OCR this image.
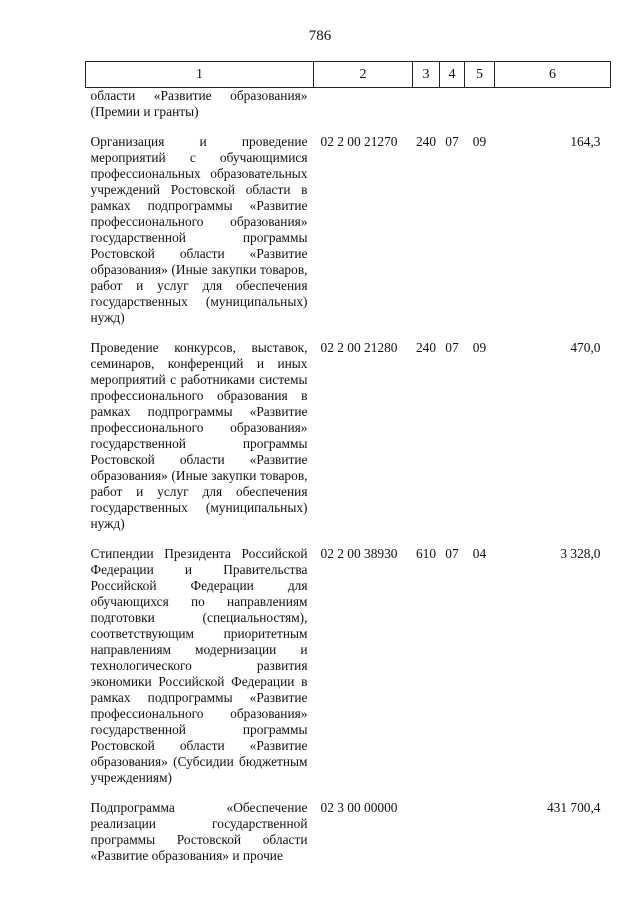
786
1	2	3	4	5	6
области «Развитие образования» (Премии и гранты)					

Организация и проведение мероприятий с обучающимися профессиональных образовательных учреждений Ростовской области в рамках подпрограммы «Развитие профессионального образования» государственной программы Ростовской области «Развитие образования» (Иные закупки товаров, работ и услуг для обеспечения государственных (муниципальных) нужд)	02 2 00 21270	240	07	09	164,3

Проведение конкурсов, выставок, семинаров, конференций и иных мероприятий с работниками системы профессионального образования в рамках подпрограммы «Развитие профессионального образования» государственной программы Ростовской области «Развитие образования» (Иные закупки товаров, работ и услуг для обеспечения государственных (муниципальных) нужд)	02 2 00 21280	240	07	09	470,0

Стипендии Президента Российской Федерации и Правительства Российской Федерации для обучающихся по направлениям подготовки (специальностям), соответствующим приоритетным направлениям модернизации и технологического развития экономики Российской Федерации в рамках подпрограммы «Развитие профессионального образования» государственной программы Ростовской области «Развитие образования» (Субсидии бюджетным учреждениям)	02 2 00 38930	610	07	04	3 328,0

Подпрограмма «Обеспечение реализации государственной программы Ростовской области «Развитие образования» и прочие	02 3 00 00000				431 700,4
